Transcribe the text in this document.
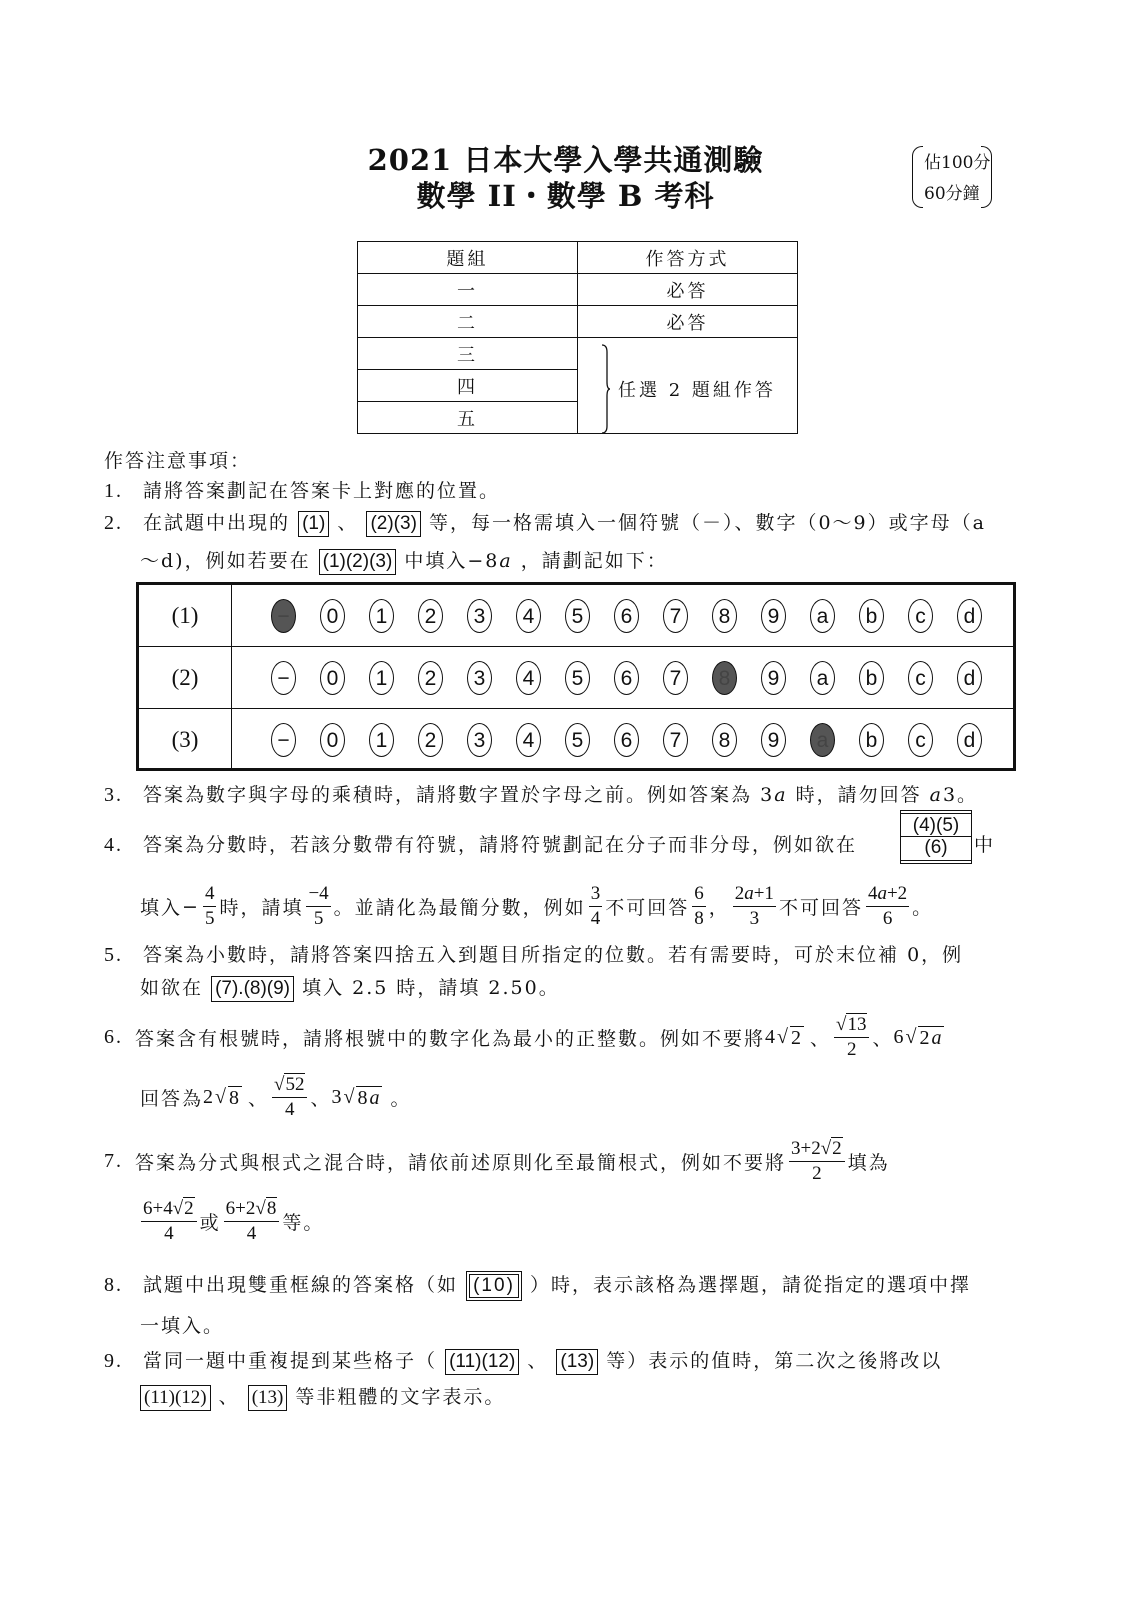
2021 日本大學入學共通測驗
數學 II・數學 B 考科
佔100分
60分鐘
題組	作答方式
一	必答
二	必答
三	任選 2 題組作答

四	
五	
作答注意事項：
1. 請將答案劃記在答案卡上對應的位置。
2. 在試題中出現的 (1) 、 (2)(3) 等，每一格需填入一個符號（－）、數字（0～9）或字母（a
～d)，例如若要在 (1)(2)(3) 中填入−8a ，請劃記如下：
(1)	−	0	1	2	3	4	5	6	7	8	9	a	b	c	d
(2)	−	0	1	2	3	4	5	6	7	8	9	a	b	c	d
(3)	−	0	1	2	3	4	5	6	7	8	9	a	b	c	d
3. 答案為數字與字母的乘積時，請將數字置於字母之前。例如答案為 3a 時，請勿回答 a3。
4. 答案為分數時，若該分數帶有符號，請將符號劃記在分子而非分母，例如欲在
(4)(5)
(6)	中
填入 − $\frac{4}{5}$ 時，請填 $\frac{-4}{5}$ 。並請化為最簡分數，例如 $\frac{3}{4}$ 不可回答 $\frac{6}{8}$ ， $\frac{2a+1}{3}$ 不可回答 $\frac{4a+2}{6}$ 。
5. 答案為小數時，請將答案四捨五入到題目所指定的位數。若有需要時，可於末位補 0，例
如欲在 (7).(8)(9) 填入 2.5 時，請填 2.50。
6. 答案含有根號時，請將根號中的數字化為最小的正整數。例如不要將 4 √ 2 、 $\frac{√13}{2}$ 、 6 √ 2a
回答為 2 √ 8 、 $\frac{√52}{4}$ 、 3 √ 8a 。
7. 答案為分式與根式之混合時，請依前述原則化至最簡根式，例如不要將 $\frac{3+2√2}{2}$ 填為
$\frac{6+4√2}{4}$ 或 $\frac{6+2√8}{4}$ 等。
8. 試題中出現雙重框線的答案格（如 (10) ）時，表示該格為選擇題，請從指定的選項中擇
一填入。
9. 當同一題中重複提到某些格子（ (11)(12) 、 (13) 等）表示的值時，第二次之後將改以
(11)(12) 、 (13) 等非粗體的文字表示。
